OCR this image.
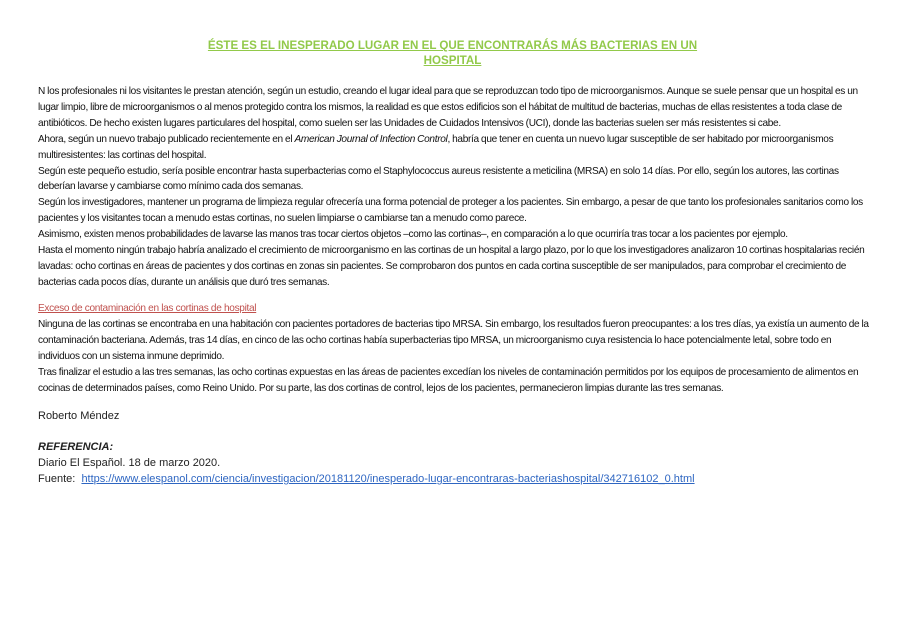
ÉSTE ES EL INESPERADO LUGAR EN EL QUE ENCONTRARÁS MÁS BACTERIAS EN UN
HOSPITAL

N los profesionales ni los visitantes le prestan atención, según un estudio, creando el lugar ideal para que se reproduzcan todo tipo de microorganismos. Aunque se suele pensar que un hospital es un lugar limpio, libre de microorganismos o al menos protegido contra los mismos, la realidad es que estos edificios son el hábitat de multitud de bacterias, muchas de ellas resistentes a toda clase de antibióticos. De hecho existen lugares particulares del hospital, como suelen ser las Unidades de Cuidados Intensivos (UCI), donde las bacterias suelen ser más resistentes si cabe.

Ahora, según un nuevo trabajo publicado recientemente en el American Journal of Infection Control, habría que tener en cuenta un nuevo lugar susceptible de ser habitado por microorganismos multiresistentes: las cortinas del hospital.

Según este pequeño estudio, sería posible encontrar hasta superbacterias como el Staphylococcus aureus resistente a meticilina (MRSA) en solo 14 días. Por ello, según los autores, las cortinas deberían lavarse y cambiarse como mínimo cada dos semanas.

Según los investigadores, mantener un programa de limpieza regular ofrecería una forma potencial de proteger a los pacientes. Sin embargo, a pesar de que tanto los profesionales sanitarios como los pacientes y los visitantes tocan a menudo estas cortinas, no suelen limpiarse o cambiarse tan a menudo como parece.

Asimismo, existen menos probabilidades de lavarse las manos tras tocar ciertos objetos –como las cortinas–, en comparación a lo que ocurriría tras tocar a los pacientes por ejemplo.

Hasta el momento ningún trabajo habría analizado el crecimiento de microorganismo en las cortinas de un hospital a largo plazo, por lo que los investigadores analizaron 10 cortinas hospitalarias recién lavadas: ocho cortinas en áreas de pacientes y dos cortinas en zonas sin pacientes. Se comprobaron dos puntos en cada cortina susceptible de ser manipulados, para comprobar el crecimiento de bacterias cada pocos días, durante un análisis que duró tres semanas.

Exceso de contaminación en las cortinas de hospital

Ninguna de las cortinas se encontraba en una habitación con pacientes portadores de bacterias tipo MRSA. Sin embargo, los resultados fueron preocupantes: a los tres días, ya existía un aumento de la contaminación bacteriana. Además, tras 14 días, en cinco de las ocho cortinas había superbacterias tipo MRSA, un microorganismo cuya resistencia lo hace potencialmente letal, sobre todo en individuos con un sistema inmune deprimido.

Tras finalizar el estudio a las tres semanas, las ocho cortinas expuestas en las áreas de pacientes excedían los niveles de contaminación permitidos por los equipos de procesamiento de alimentos en cocinas de determinados países, como Reino Unido. Por su parte, las dos cortinas de control, lejos de los pacientes, permanecieron limpias durante las tres semanas.

Roberto Méndez
REFERENCIA:
Diario El Español. 18 de marzo 2020.
Fuente: https://www.elespanol.com/ciencia/investigacion/20181120/inesperado-lugar-encontraras-bacteriashospital/342716102_0.html
